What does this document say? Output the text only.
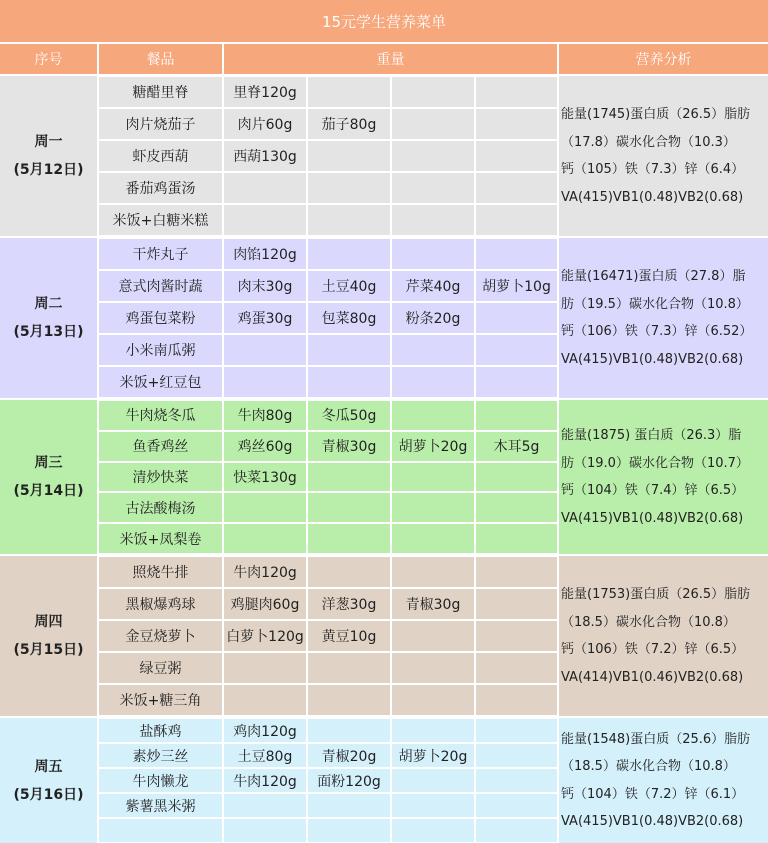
15元学生营养菜单
序号	餐品	重量	营养分析
周一
(5月12日)
糖醋里脊	里脊120g
肉片烧茄子	肉片60g 茄子80g
虾皮西葫	西葫130g
番茄鸡蛋汤
米饭+白糖米糕
能量(1745)蛋白质（26.5）脂肪
（17.8）碳水化合物（10.3）
钙（105）铁（7.3）锌（6.4）
VA(415)VB1(0.48)VB2(0.68)
周二
(5月13日)
干炸丸子	肉馅120g
意式肉酱时蔬	肉末30g 土豆40g 芹菜40g 胡萝卜10g
鸡蛋包菜粉	鸡蛋30g 包菜80g 粉条20g
小米南瓜粥
米饭+红豆包
能量(16471)蛋白质（27.8）脂
肪（19.5）碳水化合物（10.8）
钙（106）铁（7.3）锌（6.52）
VA(415)VB1(0.48)VB2(0.68)
周三
(5月14日)
牛肉烧冬瓜	牛肉80g 冬瓜50g
鱼香鸡丝	鸡丝60g 青椒30g 胡萝卜20g 木耳5g
清炒快菜	快菜130g
古法酸梅汤
米饭+凤梨卷
能量(1875) 蛋白质（26.3）脂
肪（19.0）碳水化合物（10.7）
钙（104）铁（7.4）锌（6.5）
VA(415)VB1(0.48)VB2(0.68)
周四
(5月15日)
照烧牛排	牛肉120g
黑椒爆鸡球	鸡腿肉60g 洋葱30g 青椒30g
金豆烧萝卜 白萝卜120g 黄豆10g
绿豆粥
米饭+糖三角
能量(1753)蛋白质（26.5）脂肪
（18.5）碳水化合物（10.8）
钙（106）铁（7.2）锌（6.5）
VA(414)VB1(0.46)VB2(0.68)
周五
(5月16日)
盐酥鸡	鸡肉120g
素炒三丝	土豆80g 青椒20g 胡萝卜20g
牛肉懒龙	牛肉120g 面粉120g
紫薯黑米粥
能量(1548)蛋白质（25.6）脂肪
（18.5）碳水化合物（10.8）
钙（104）铁（7.2）锌（6.1）
VA(415)VB1(0.48)VB2(0.68)
